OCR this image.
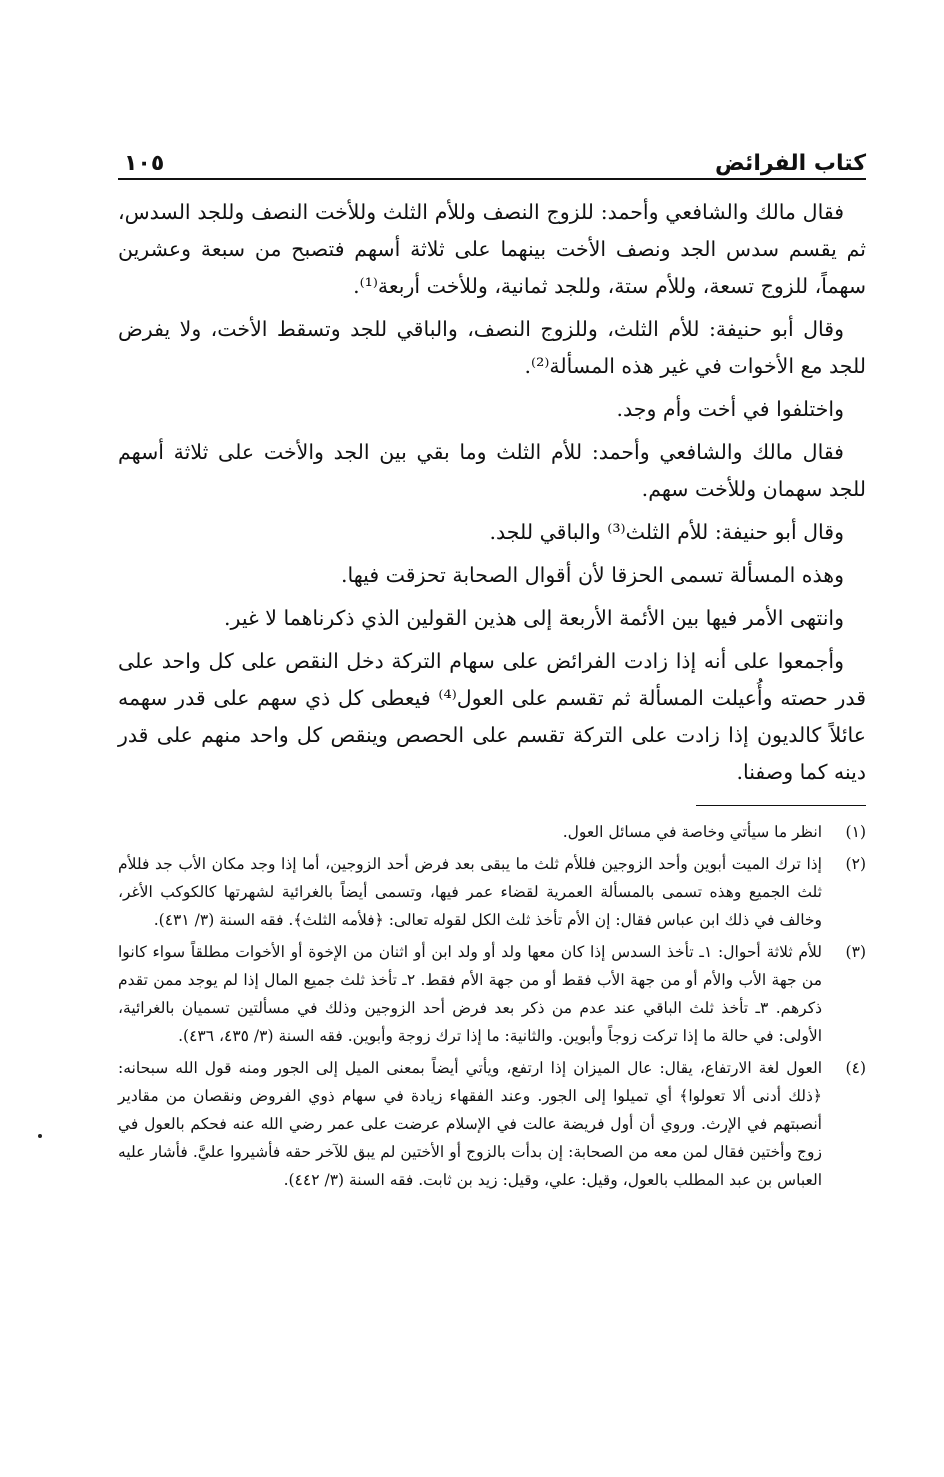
كتاب الفرائض
١٠٥

فقال مالك والشافعي وأحمد: للزوج النصف وللأم الثلث وللأخت النصف وللجد السدس، ثم يقسم سدس الجد ونصف الأخت بينهما على ثلاثة أسهم فتصبح من سبعة وعشرين سهماً، للزوج تسعة، وللأم ستة، وللجد ثمانية، وللأخت أربعة⁽¹⁾.

وقال أبو حنيفة: للأم الثلث، وللزوج النصف، والباقي للجد وتسقط الأخت، ولا يفرض للجد مع الأخوات في غير هذه المسألة⁽²⁾.

واختلفوا في أخت وأم وجد.

فقال مالك والشافعي وأحمد: للأم الثلث وما بقي بين الجد والأخت على ثلاثة أسهم للجد سهمان وللأخت سهم.

وقال أبو حنيفة: للأم الثلث⁽³⁾ والباقي للجد.

وهذه المسألة تسمى الحزقا لأن أقوال الصحابة تحزقت فيها.

وانتهى الأمر فيها بين الأئمة الأربعة إلى هذين القولين الذي ذكرناهما لا غير.

وأجمعوا على أنه إذا زادت الفرائض على سهام التركة دخل النقص على كل واحد على قدر حصته وأُعيلت المسألة ثم تقسم على العول⁽⁴⁾ فيعطى كل ذي سهم على قدر سهمه عائلاً كالديون إذا زادت على التركة تقسم على الحصص وينقص كل واحد منهم على قدر دينه كما وصفنا.

(١)
انظر ما سيأتي وخاصة في مسائل العول.
(٢)
إذا ترك الميت أبوين وأحد الزوجين فللأم ثلث ما يبقى بعد فرض أحد الزوجين، أما إذا وجد مكان الأب جد فللأم ثلث الجميع وهذه تسمى بالمسألة العمرية لقضاء عمر فيها، وتسمى أيضاً بالغرائية لشهرتها كالكوكب الأغر، وخالف في ذلك ابن عباس فقال: إن الأم تأخذ ثلث الكل لقوله تعالى: ﴿فلأمه الثلث﴾. فقه السنة (٣/ ٤٣١).
(٣)
للأم ثلاثة أحوال: ١ـ تأخذ السدس إذا كان معها ولد أو ولد ابن أو اثنان من الإخوة أو الأخوات مطلقاً سواء كانوا من جهة الأب والأم أو من جهة الأب فقط أو من جهة الأم فقط. ٢ـ تأخذ ثلث جميع المال إذا لم يوجد ممن تقدم ذكرهم. ٣ـ تأخذ ثلث الباقي عند عدم من ذكر بعد فرض أحد الزوجين وذلك في مسألتين تسميان بالغرائية، الأولى: في حالة ما إذا تركت زوجاً وأبوين. والثانية: ما إذا ترك زوجة وأبوين. فقه السنة (٣/ ٤٣٥، ٤٣٦).
(٤)
العول لغة الارتفاع، يقال: عال الميزان إذا ارتفع، ويأتي أيضاً بمعنى الميل إلى الجور ومنه قول الله سبحانه: ﴿ذلك أدنى ألا تعولوا﴾ أي تميلوا إلى الجور. وعند الفقهاء زيادة في سهام ذوي الفروض ونقصان من مقادير أنصبتهم في الإرث. وروي أن أول فريضة عالت في الإسلام عرضت على عمر رضي الله عنه فحكم بالعول في زوج وأختين فقال لمن معه من الصحابة: إن بدأت بالزوج أو الأختين لم يبق للآخر حقه فأشيروا عليَّ. فأشار عليه العباس بن عبد المطلب بالعول، وقيل: علي، وقيل: زيد بن ثابت. فقه السنة (٣/ ٤٤٢).
